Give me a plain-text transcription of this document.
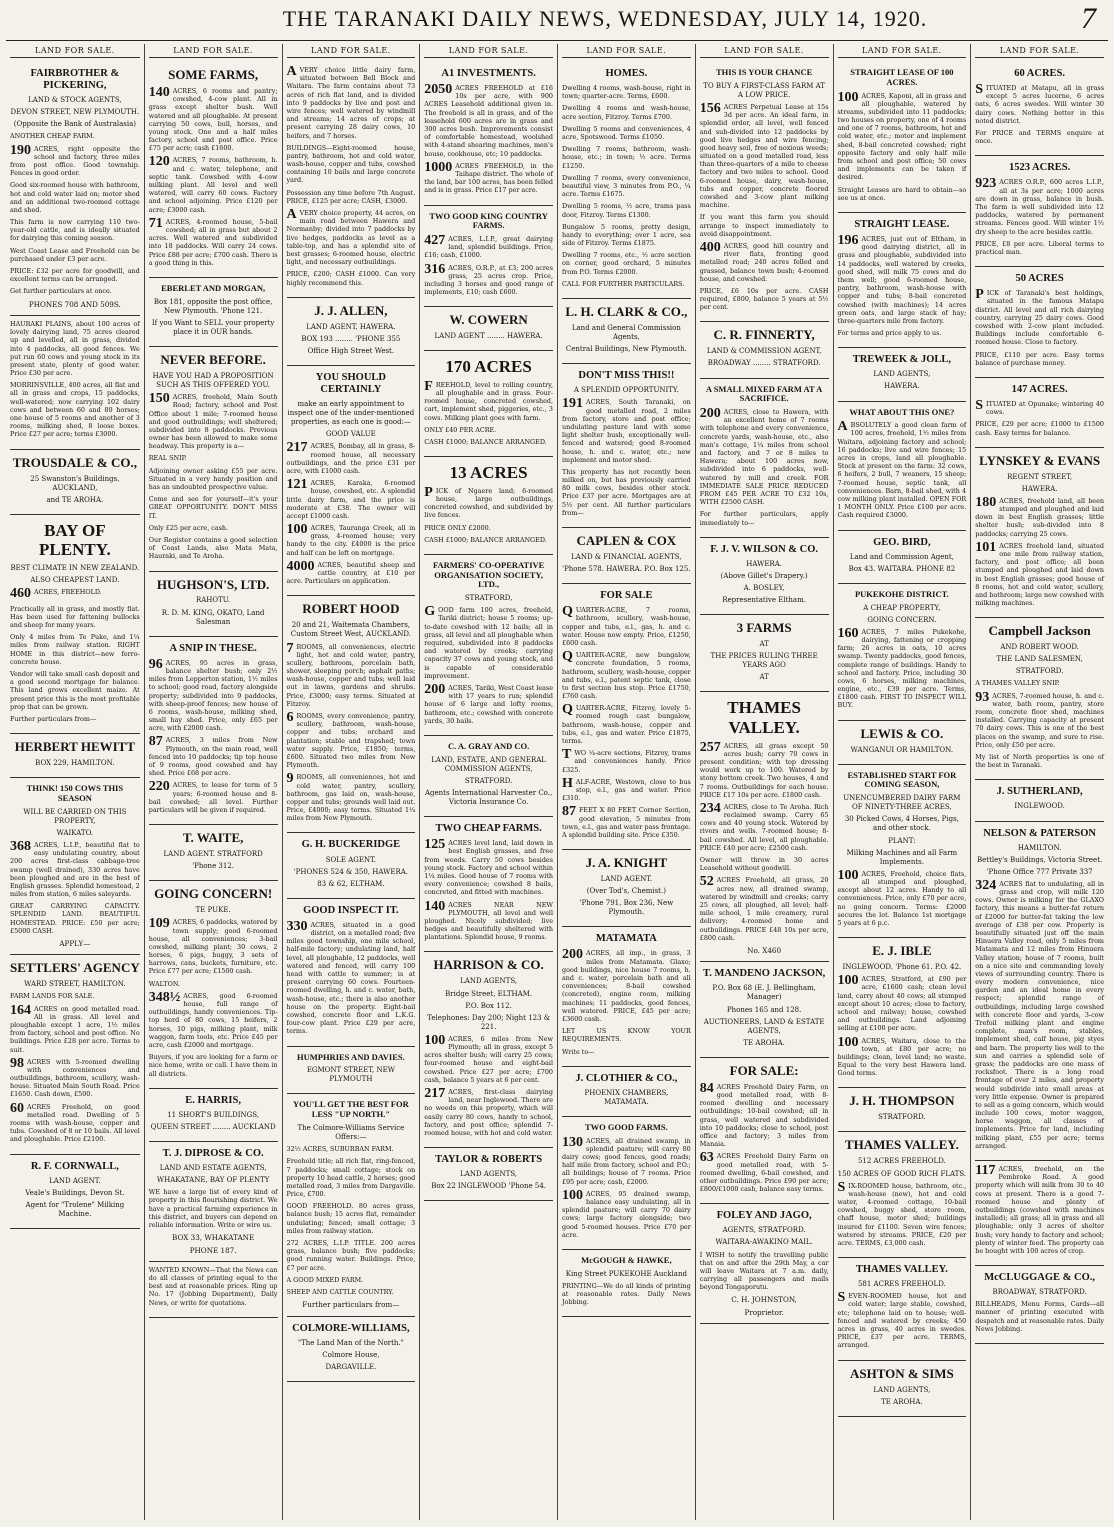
THE TARANAKI DAILY NEWS, WEDNESDAY, JULY 14, 1920.	7
LAND FOR SALE.
FAIRBROTHER & PICKERING,
LAND & STOCK AGENTS,
DEVON STREET, NEW PLYMOUTH.
(Opposite the Bank of Australasia)
ANOTHER CHEAP FARM.
190 ACRES, right opposite the school and factory, three miles from post office. Good township. Fences in good order.
Good six-roomed house with bathroom, hot and cold water laid on; motor shed and an additional two-roomed cottage and shed.
This farm is now carrying 110 two-year-old cattle, and is ideally situated for dairying this coming season.
West Coast Lease and Freehold can be purchased under £3 per acre.
PRICE: £32 per acre for goodwill, and excellent terms can be arranged.
Get further particulars at once.
PHONES 708 AND 509S.
HAURAKI PLAINS, about 100 acres of lovely dairying land, 75 acres cleared up and levelled, all in grass, divided into 4 paddocks, all good fences. We put run 60 cows and young stock in its present state, plenty of good water. Price £30 per acre.
MORRINSVILLE, 400 acres, all flat and all in grass and crops, 15 paddocks, well-watered; now carrying 102 dairy cows and between 60 and 80 horses; one house of 5 rooms and another of 3 rooms, milking shed, 8 loose boxes. Price £27 per acre; terms £3000.
TROUSDALE & CO.,
25 Swanston's Buildings, AUCKLAND,
and TE AROHA.
BAY OF PLENTY.
BEST CLIMATE IN NEW ZEALAND.
ALSO CHEAPEST LAND.
460 ACRES, FREEHOLD.
Practically all in grass, and mostly flat. Has been used for fattening bullocks and sheep for many years.
Only 4 miles from Te Puke, and 1¼ miles from railway station. RIGHT HOME in this district—new ferro-concrete house.
Vendor will take small cash deposit and a good second mortgage for balance. This land grows excellent maize. At present price this is the most profitable prop that can be grown.
Further particulars from—
HERBERT HEWITT
BOX 229, HAMILTON.
THINK! 150 COWS THIS SEASON
WILL BE CARRIED ON THIS PROPERTY,
WAIKATO.
368 ACRES, L.I.P., beautiful flat to easy undulating country, about 200 acres first-class cabbage-tree swamp (well drained), 330 acres have been ploughed and are in the best of English grasses. Splendid homestead, 2 miles from station, 6 miles saleyards.
GREAT CARRYING CAPACITY. SPLENDID LAND. BEAUTIFUL HOMESTEAD. PRICE: £50 per acre; £5000 CASH.
APPLY—
SETTLERS' AGENCY
WARD STREET, HAMILTON.
FARM LANDS FOR SALE.
164 ACRES on good metalled road. All in grass. All level and ploughable except 1 acre, 1½ miles from factory, school and post office. No buildings. Price £28 per acre. Terms to suit.
98 ACRES with 5-roomed dwelling with conveniences and outbuildings, bathroom, scullery, wash-house. Situated Main South Road. Price £1650. Cash down, £500.
60 ACRES Freehold, on good metalled road. Dwelling of 5 rooms with wash-house, copper and tubs. Cowshed of 8 or 10 bails. All level and ploughable. Price £2100.
R. F. CORNWALL,
LAND AGENT.
Veale's Buildings, Devon St.
Agent for "Trolene" Milking Machine.
LAND FOR SALE.
SOME FARMS,
140 ACRES, 6 rooms and pantry; cowshed, 4-cow plant. All in grass except shelter bush. Well watered and all ploughable. At present carrying 50 cows, bull, horses, and young stock. One and a half miles factory, school and post office. Price £75 per acre; cash £1600.
120 ACRES, 7 rooms, bathroom, h. and c. water, telephone, and septic tank. Cowshed with 4-cow milking plant. All level and well watered, will carry 60 cows. Factory and school adjoining. Price £120 per acre; £3000 cash.
71 ACRES, 4-roomed house, 5-bail cowshed; all in grass but about 2 acres. Well watered and subdivided into 18 paddocks. Will carry 24 cows. Price £88 per acre; £700 cash. There is a good thing in this.
EBERLET AND MORGAN,
Box 181, opposite the post office, New Plymouth. 'Phone 121.
If you Want to SELL your property place it in OUR hands.
NEVER BEFORE.
HAVE YOU HAD A PROPOSITION SUCH AS THIS OFFERED YOU.
150 ACRES, freehold, Main South Road; factory, school and Post Office about 1 mile; 7-roomed house and good outbuildings; well sheltered; subdivided into 8 paddocks. Previous owner has been allowed to make some headway. This property is a—
REAL SNIP.
Adjoining owner asking £55 per acre. Situated in a very handy position and has an undoubted prospective value.
Come and see for yourself—it's your GREAT OPPORTUNITY. DON'T MISS IT.
Only £25 per acre, cash.
Our Register contains a good selection of Coast Lands, also Mata Mata, Hauraki, and Te Aroha.
HUGHSON'S, LTD.
RAHOTU.
R. D. M. KING, OKATO, Land Salesman
A SNIP IN THESE.
96 ACRES, 95 acres in grass, balance shelter bush; only 2½ miles from Lepperton station, 1½ miles to school; good road, factory alongside property; subdivided into 9 paddocks, with sheep-proof fences; new house of 6 rooms, wash-house, milking shed, small hay shed. Price, only £65 per acre, with £2000 cash.
87 ACRES, 3 miles from New Plymouth, on the main road, well fenced into 10 paddocks; tip top house of 9 rooms, good cowshed and hay shed. Price £68 per acre.
220 ACRES, to lease for term of 5 years; 6-roomed house and 8-bail cowshed; all level. Further particulars will be given if required.
T. WAITE,
LAND AGENT. STRATFORD
'Phone 312.
GOING CONCERN!
TE PUKE.
109 ACRES, 6 paddocks, watered by town supply; good 6-roomed house, all conveniences; 3-bail cowshed, milking plant; 30 cows, 2 horses, 6 pigs, buggy, 3 sets of harrows, cans, buckets, furniture, etc. Price £77 per acre; £1500 cash.
WALTON.
348½ ACRES, good 6-roomed house, full range of outbuildings, handy conveniences. Tip-top herd of 80 cows, 15 heifers, 2 horses, 10 pigs, milking plant, milk waggon, farm tools, etc. Price £45 per acre, cash £2000 and mortgage.
Buyers, if you are looking for a farm or nice home, write or call. I have them in all districts.
E. HARRIS,
11 SHORT'S BUILDINGS,
QUEEN STREET ........ AUCKLAND
T. J. DIPROSE & CO.
LAND AND ESTATE AGENTS,
WHAKATANE, BAY OF PLENTY
WE have a large list of every kind of property in this flourishing district. We have a practical farming experience in this district, and buyers can depend on reliable information. Write or wire us.
BOX 33, WHAKATANE
PHONE 187.
WANTED KNOWN—That the News can do all classes of printing equal to the best and at reasonable prices. Ring up No. 17 (Jobbing Department), Daily News, or write for quotations.
LAND FOR SALE.
AVERY choice little dairy farm, situated between Bell Block and Waitara. The farm contains about 73 acres of rich flat land, and is divided into 9 paddocks by live and post and wire fences; well watered by windmill and streams; 14 acres of crops; at present carrying 28 dairy cows, 10 heifers, and 7 horses.
BUILDINGS—Eight-roomed house, pantry, bathroom, hot and cold water, wash-house, copper and tubs, cowshed containing 10 bails and large concrete yard.
Possession any time before 7th August. PRICE, £125 per acre; CASH, £3000.
AVERY choice property, 44 acres, on main road between Hawera and Normanby; divided into 7 paddocks by live hedges, paddocks as level as a table-top, and has a splendid site of best grasses; 6-roomed house, electric light, and necessary outbuildings.
PRICE, £200; CASH £1000. Can very highly recommend this.
J. J. ALLEN,
LAND AGENT, HAWERA.
BOX 193 ........ 'PHONE 355
Office High Street West.
YOU SHOULD CERTAINLY
make an early appointment to inspect one of the under-mentioned properties, as each one is good:—
GOOD VALUE
217 ACRES, Bombay, all in grass, 8-roomed house, all necessary outbuildings, and the price £31 per acre, with £1000 cash.
121 ACRES, Karaka, 6-roomed house, cowshed, etc. A splendid little dairy farm, and the price is moderate at £38. The owner will accept £1000 cash.
100 ACRES, Tauranga Creek, all in grass, 4-roomed house; very handy to the city. £4000 is the price and half can be left on mortgage.
4000 ACRES, beautiful sheep and cattle country, at £10 per acre. Particulars on application.
ROBERT HOOD
20 and 21, Waitemata Chambers, Custom Street West, AUCKLAND.
7 ROOMS, all conveniences, electric light, hot and cold water, pantry, scullery, bathroom, porcelain bath, shower, sleeping porch; asphalt paths; wash-house, copper and tubs; well laid out in lawns, gardens and shrubs. Price, £3000; easy terms. Situated at Fitzroy.
6 ROOMS, every convenience, pantry, scullery, bathroom, wash-house, copper and tubs; orchard and plantation; stable and trapshed; town water supply. Price, £1850; terms, £600. Situated two miles from New Plymouth.
9 ROOMS, all conveniences, hot and cold water, pantry, scullery, bathroom, gas laid on, wash-house, copper and tubs; grounds well laid out. Price, £4000; easy terms. Situated 1¼ miles from New Plymouth.
G. H. BUCKERIDGE
SOLE AGENT.
'PHONES 524 & 350, HAWERA.
83 & 62, ELTHAM.
GOOD INSPECT IT.
330 ACRES, situated in a good district, on a metalled road; five miles good township, one mile school, half-mile factory; undulating land, half level, all ploughable, 12 paddocks, well watered and fenced, will carry 100 head with cattle to summer; is at present carrying 60 cows. Fourteen-roomed dwelling, h. and c. water, bath, wash-house, etc.; there is also another house on the property. Eight-bail cowshed, concrete floor and L.K.G. four-cow plant. Price £29 per acre, terms.
HUMPHRIES AND DAVIES.
EGMONT STREET, NEW PLYMOUTH
YOU'LL GET THE BEST FOR LESS "UP NORTH."
The Colmore-Williams Service Offers:—
32½ ACRES, SUBURBAN FARM.
Freehold title; all rich flat, ring-fenced, 7 paddocks; small cottage; stock on property 10 head cattle, 2 horses; good metalled road, 3 miles from Dargaville. Price, £700.
GOOD FREEHOLD. 80 acres grass, balance bush; 15 acres flat, remainder undulating; fenced; small cottage; 3 miles from railway station.
272 ACRES, L.I.P. TITLE. 200 acres grass, balance bush; five paddocks; good running water. Buildings. Price, £7 per acre.
A GOOD MIXED FARM.
SHEEP AND CATTLE COUNTRY.
Further particulars from—
COLMORE-WILLIAMS,
"The Land Man of the North."
Colmore House,
DARGAVILLE.
LAND FOR SALE.
A1 INVESTMENTS.
2050 ACRES FREEHOLD at £16 10s per acre, with 900 ACRES Leasehold additional given in. The freehold is all in grass, and of the leasehold 600 acres are in grass and 300 acres bush. Improvements consist of comfortable homestead, woolshed with 4-stand shearing machines, men's house, cookhouse, etc; 10 paddocks.
1000 ACRES FREEHOLD, in the Taihape district. The whole of the land, bar 100 acres, has been felled and is in grass. Price £17 per acre.
TWO GOOD KING COUNTRY FARMS.
427 ACRES, L.I.P., great dairying land, splendid buildings. Price, £16; cash, £1000.
316 ACRES, O.R.P., at £3; 200 acres grass, 25 acres crop. Price, including 3 horses and good range of implements, £10; cash £600.
W. COWERN
LAND AGENT ........ HAWERA.
170 ACRES
FREEHOLD, level to rolling country, all ploughable and in grass. Four-roomed house, concreted cowshed, cart, implement shed, piggeries, etc., 3 cows. Milking plant goes with farm.
ONLY £40 PER ACRE.
CASH £1000; BALANCE ARRANGED.
13 ACRES
PICK of Ngaere land; 6-roomed house, large outbuildings, concreted cowshed, and subdivided by live fences.
PRICE ONLY £2000.
CASH £1000; BALANCE ARRANGED.
FARMERS' CO-OPERATIVE ORGANISATION SOCIETY, LTD.,
STRATFORD,
GOOD farm 100 acres, freehold, Tariki district; house 5 rooms; up-to-date cowshed with 12 bails; all in grass, all level and all ploughable when required, subdivided into 8 paddocks and watered by creeks; carrying capacity 37 cows and young stock, and is capable of considerable improvement.
200 ACRES, Tariki, West Coast lease with 17 years to run; splendid house of 6 large and lofty rooms, bathroom, etc.; cowshed with concrete yards, 30 bails.
C. A. GRAY AND CO.
LAND, ESTATE, AND GENERAL COMMISSION AGENTS,
STRATFORD.
Agents International Harvester Co., Victoria Insurance Co.
TWO CHEAP FARMS.
125 ACRES level land, laid down in best English grasses, and free from weeds. Carry 50 cows besides young stock. Factory and school within 1¼ miles. Good house of 7 rooms with every convenience; cowshed 8 bails, concreted, and fitted with machines.
140 ACRES NEAR NEW PLYMOUTH, all level and well ploughed. Nicely subdivided; live hedges and beautifully sheltered with plantations. Splendid house, 9 rooms.
HARRISON & CO.
LAND AGENTS,
Bridge Street, ELTHAM.
P.O. Box 112.
Telephones: Day 200; Night 123 & 221.
100 ACRES, 6 miles from New Plymouth; all in grass, except 5 acres shelter bush; will carry 25 cows; four-roomed house and eight-bail cowshed. Price £27 per acre; £700 cash, balance 5 years at 6 per cent.
217 ACRES, first-class dairying land, near Inglewood. There are no weeds on this property, which will easily carry 80 cows, handy to school, factory, and post office; splendid 7-roomed house, with hot and cold water.
TAYLOR & ROBERTS
LAND AGENTS,
Box 22 INGLEWOOD 'Phone 54.
LAND FOR SALE.
HOMES.
Dwelling 4 rooms, wash-house, right in town; quarter-acre. Terms, £600.
Dwelling 4 rooms and wash-house, acre section, Fitzroy. Terms £700.
Dwelling 5 rooms and conveniences, 4 acre, Spotswood. Terms £1050.
Dwelling 7 rooms, bathroom, wash-house, etc.; in town; ½ acre. Terms £1250.
Dwelling 7 rooms, every convenience, beautiful view, 3 minutes from P.O., ¼ acre. Terms £1675.
Dwelling 5 rooms, ½ acre, trams pass door, Fitzroy. Terms £1300.
Bungalow 5 rooms, pretty design, handy to everything; over 1 acre, sea side of Fitzroy. Terms £1875.
Dwelling 7 rooms, etc., ½ acre section on corner, good orchard, 5 minutes from P.O. Terms £2000.
CALL FOR FURTHER PARTICULARS.
L. H. CLARK & CO.,
Land and General Commission Agents,
Central Buildings, New Plymouth.
DON'T MISS THIS!!
A SPLENDID OPPORTUNITY.
191 ACRES, South Taranaki, on good metalled road, 2 miles from factory, store and post office; undulating pasture land with some light shelter bush, exceptionally well-fenced and watered; good 8-roomed house, h. and c. water, etc.; new implement and motor shed.
This property has not recently been milked on, but has previously carried 80 milk cows, besides other stock. Price £37 per acre. Mortgages are at 5½ per cent. All further particulars from—
CAPLEN & COX
LAND & FINANCIAL AGENTS,
'Phone 578. HAWERA. P.O. Box 125.
FOR SALE
QUARTER-ACRE, 7 rooms, bathroom, scullery, wash-house, copper and tubs, e.l., gas, h. and c. water. House now empty. Price, £1250, £600 cash.
QUARTER-ACRE, new bungalow, concrete foundation, 5 rooms, bathroom, scullery, wash-house, copper and tubs, e.l., patent septic tank, close to first section bus stop. Price £1750, £760 cash.
QUARTER-ACRE, Fitzroy, lovely 5-roomed rough cast bungalow, bathroom, wash-house, copper and tubs, e.l., gas and water. Price £1875, terms.
TWO ¼-acre sections, Fitzroy, trams and conveniences handy. Price £325.
HALF-ACRE, Westown, close to bus stop, e.l., gas and water. Price £310.
87 FEET X 80 FEET Corner Section, good elevation, 5 minutes from town, e.l., gas and water pass frontage. A splendid building site. Price £350.
J. A. KNIGHT
LAND AGENT.
(Over Tod's, Chemist.)
'Phone 791, Box 236, New Plymouth.
MATAMATA
200 ACRES, all imp., in grass, 3 miles from Matamata. Glaxo; good buildings, nice house 7 rooms, h. and c. water, porcelain bath and all conveniences; 8-bail cowshed (concreted), engine room, milking machines; 11 paddocks, good fences, well watered. PRICE, £45 per acre; £3600 cash.
LET US KNOW YOUR REQUIREMENTS.
Write to—
J. CLOTHIER & CO.,
PHOENIX CHAMBERS, MATAMATA.
TWO GOOD FARMS.
130 ACRES, all drained swamp, in splendid pasture; will carry 80 dairy cows; good fences, good roads; half mile from factory, school and P.O.; all buildings; house of 7 rooms. Price £95 per acre; cash, £2000.
100 ACRES, 95 drained swamp, balance easy undulating, all in splendid pasture; will carry 70 dairy cows; large factory alongside; two good 5-roomed houses. Price £70 per acre.
McGOUGH & HAWKE,
King Street PUKEKOHE Auckland
PRINTING—We do all kinds of printing at reasonable rates. Daily News Jobbing.
LAND FOR SALE.
THIS IS YOUR CHANCE
TO BUY A FIRST-CLASS FARM AT A LOW PRICE.
156 ACRES Perpetual Lease at 15s 3d per acre. An ideal farm, in splendid order, all level, well fenced and sub-divided into 12 paddocks by good live hedges and wire fencing; good heavy soil, free of noxious weeds; situated on a good metalled road, less than three-quarters of a mile to cheese factory and two miles to school. Good 6-roomed house, dairy, wash-house, tubs and copper, concrete floored cowshed and 3-cow plant milking machine.
If you want this farm you should arrange to inspect immediately to avoid disappointment.
400 ACRES, good hill country and river flats, fronting good metalled road; 240 acres felled and grassed, balance town bush; 4-roomed house, and cowshed.
PRICE, £6 10s per acre. CASH required, £800, balance 5 years at 5½ per cent.
C. R. FINNERTY,
LAND & COMMISSION AGENT,
BROADWAY ........ STRATFORD.
A SMALL MIXED FARM AT A SACRIFICE.
200 ACRES, close to Hawera, with an excellent home of 7 rooms with telephone and every convenience, concrete yards, wash-house, etc., also man's cottage, 1¼ miles from school and factory, and 7 or 8 miles to Hawera; about 100 acres now, subdivided into 6 paddocks, well-watered by mill and creek. FOR IMMEDIATE SALE PRICE REDUCED FROM £45 PER ACRE TO £32 10s, WITH £2500 CASH.
For further particulars, apply immediately to—
F. J. V. WILSON & CO.
HAWERA.
(Above Gillet's Drapery.)
A. BOSLEY,
Representative Eltham.
3 FARMS
AT
THE PRICES RULING THREE YEARS AGO
AT
THAMES VALLEY.
257 ACRES, all grass except 50 acres bush; carry 70 cows in present condition; with top dressing would work up to 100. Watered by stony bottom creek. Two houses, 4 and 7 rooms. Outbuildings for each house. PRICE £17 10s per acre. £1800 cash.
234 ACRES, close to Te Aroha. Rich reclaimed swamp. Carry 65 cows and 40 young stock. Watered by rivers and wells. 7-roomed house; 8-bail cowshed. All level, all ploughable. PRICE £40 per acre; £2500 cash.
Owner will throw in 30 acres Leasehold without goodwill.
52 ACRES Freehold, all grass, 20 acres new, all drained swamp, watered by windmill and creeks; carry 25 cows, all ploughed, all level; half-mile school, 1 mile creamery, rural delivery; 4-roomed home and outbuildings. PRICE £48 10s per acre, £800 cash.
No. X460
T. MANDENO JACKSON,
P.O. Box 68 (E. J. Bellingham, Manager)
Phones 165 and 128.
AUCTIONEERS, LAND & ESTATE AGENTS,
TE AROHA.
FOR SALE:
84 ACRES Freehold Dairy Farm, on good metalled road, with 8-roomed dwelling and necessary outbuildings; 10-bail cowshed; all in grass, well watered and subdivided into 10 paddocks; close to school, post office and factory; 3 miles from Manaia.
63 ACRES Freehold Dairy Farm on good metalled road, with 5-roomed dwelling, 6-bail cowshed, and other outbuildings. Price £90 per acre; £800/£1000 cash, balance easy terms.
FOLEY AND JAGO,
AGENTS, STRATFORD.
WAITARA-AWAKINO MAIL.
I WISH to notify the travelling public that on and after the 29th May, a car will leave Waitara at 7 a.m. daily, carrying all passengers and mails beyond Tongaporutu.
C. H. JOHNSTON,
Proprietor.
LAND FOR SALE.
STRAIGHT LEASE OF 100 ACRES.
100 ACRES, Kaponi, all in grass and all ploughable, watered by streams, subdivided into 11 paddocks; two houses on property, one of 4 rooms and one of 7 rooms, bathroom, hot and cold water, etc.; motor and implement shed, 8-bail concreted cowshed; right opposite factory and only half mile from school and post office; 50 cows and implements can be taken if desired.
Straight Leases are hard to obtain—so see us at once.
STRAIGHT LEASE.
196 ACRES, just out of Eltham, in good dairying district, all in grass and ploughable, subdivided into 14 paddocks, well watered by creeks, good shed, will milk 75 cows and do them well; good 6-roomed house, pantry, bathroom, wash-house with copper and tubs; 8-bail concreted cowshed (with machines); 14 acres green oats, and large stack of hay; three-quarters mile from factory.
For terms and price apply to us.
TREWEEK & JOLL,
LAND AGENTS,
HAWERA.
WHAT ABOUT THIS ONE?
ABSOLUTELY a good clean farm of 100 acres, freehold, 1½ miles from Waitara, adjoining factory and school; 16 paddocks; live and wire fences; 15 acres in crops, land all ploughable. Stock at present on the farm: 32 cows, 6 heifers, 2 bull, 7 weaners, 15 sheep; 7-roomed house, septic tank, all conveniences. Barn, 8-bail shed, with 4 cow milking plant installed. OPEN FOR 1 MONTH ONLY. Price £100 per acre. Cash required £3000.
GEO. BIRD,
Land and Commission Agent,
Box 43. WAITARA. PHONE 82
PUKEKOHE DISTRICT.
A CHEAP PROPERTY,
GOING CONCERN.
160 ACRES, 7 miles Pukekohe, dairying, fattening or cropping farm; 26 acres in oats, 10 acres swamp. Twenty paddocks, good fences, complete range of buildings. Handy to school and factory. Price, including 30 cows, 6 horses, milking machines, engine, etc., £39 per acre. Terms, £1800 cash. FIRST TO INSPECT WILL BUY.
LEWIS & CO.
WANGANUI OR HAMILTON.
ESTABLISHED START FOR COMING SEASON,
UNENCUMBERED DAIRY FARM OF NINETY-THREE ACRES,
30 Picked Cows, 4 Horses, Pigs, and other stock.
PLANT:
Milking Machines and all Farm Implements.
100 ACRES, Freehold, choice flats, all stumped and ploughed, except about 12 acres. Handy to all conveniences. Price, only £70 per acre, no going concern. Terms: £2000 secures the lot. Balance 1st mortgage 5 years at 6 p.c.
E. J. IBLE
INGLEWOOD. 'Phone 61. P.O. 42.
100 ACRES, Stratford, at £90 per acre, £1600 cash; clean level land, carry about 40 cows; all stumped except about 10 acres; close to factory, school and railway; house, cowshed and outbuildings. Land adjoining selling at £100 per acre.
100 ACRES, Waitara, close to the town, at £80 per acre; no buildings; clean, level land; no waste. Equal to the very best Hawera land. Good terms.
J. H. THOMPSON
STRATFORD.
THAMES VALLEY.
512 ACRES FREEHOLD.
150 ACRES OF GOOD RICH FLATS.
SIX-ROOMED house, bathroom, etc., wash-house (new), hot and cold water, 4-roomed cottage, 10-bail cowshed, buggy shed, store room, chaff house, motor shed; buildings insured for £1100. Seven wire fences; watered by streams. PRICE, £20 per acre. TERMS, £3,000 cash.
THAMES VALLEY.
581 ACRES FREEHOLD.
SEVEN-ROOMED house, hot and cold water; large stable, cowshed, etc; telephone laid on to house; well-fenced and watered by creeks; 450 acres in grass, 40 acres in swedes. PRICE, £37 per acre. TERMS, arranged.
ASHTON & SIMS
LAND AGENTS,
TE AROHA.
LAND FOR SALE.
60 ACRES.
SITUATED at Matapu, all in grass except 5 acres lucerne, 6 acres oats, 6 acres swedes. Will winter 30 dairy cows. Nothing better in this noted district.
For PRICE and TERMS enquire at once.
1523 ACRES.
923 ACRES O.R.P., 600 acres L.I.P., all at 3s per acre; 1000 acres are down in grass, balance in bush. The farm is well subdivided into 12 paddocks, watered by permanent streams. Fences good. Will winter 1½ dry sheep to the acre besides cattle.
PRICE, £8 per acre. Liberal terms to practical man.
50 ACRES
PICK of Taranaki's best holdings, situated in the famous Matapu district. All level and all rich dairying country, carrying 25 dairy cows. Good cowshed with 2-cow plant included. Buildings include comfortable 6-roomed house. Close to factory.
PRICE, £110 per acre. Easy terms balance of purchase money.
147 ACRES.
SITUATED at Opunake; wintering 40 cows.
PRICE, £29 per acre; £1000 to £1500 cash. Easy terms for balance.
LYNSKEY & EVANS
REGENT STREET,
HAWERA.
180 ACRES, freehold land, all been stumped and ploughed and laid down in best English grasses; little shelter bush; sub-divided into 8 paddocks; carrying 25 cows.
101 ACRES freehold land, situated one mile from railway station, factory, and post office; all been stumped and ploughed and laid down in best English grasses; good house of 8 rooms, hot and cold water, scullery, and bathroom; large new cowshed with milking machines.
Campbell Jackson
AND ROBERT WOOD.
THE LAND SALESMEN,
STRATFORD.
A THAMES VALLEY SNIP.
93 ACRES, 7-roomed house, h. and c. water, bath room, pantry, store room, concrete floor shed, machines installed. Carrying capacity at present 70 dairy cows. This is one of the best places on the swamp, and sure to rise. Price, only £50 per acre.
My list of North properties is one of the best in Taranaki.
J. SUTHERLAND,
INGLEWOOD.
NELSON & PATERSON
HAMILTON.
Bettley's Buildings, Victoria Street.
'Phone Office 777 Private 337
324 ACRES flat to undulating, all in grass and crop, will milk 120 cows. Owner is milking for the GLAXO factory, this means a butter-fat return of £2000 for butter-fat taking the low average of £38 per cow. Property is beautifully situated just off the main Hinuera Valley road, only 5 miles from Matamata and 12 miles from Hinuera Valley station; house of 7 rooms, built on a nice site and commanding lovely views of surrounding country. There is every modern convenience, nice garden and an ideal home in every respect; splendid range of outbuildings, including large cowshed with concrete floor and yards, 3-cow Trefoil milking plant and engine complete, man's room, stables, implement shed, calf house, pig styes and barn. The property lies well to the sun and carries a splendid sole of grass; the paddocks are one mass of rocksfoot. There is a long road frontage of over 2 miles, and property would subdivide into small areas at very little expense. Owner is prepared to sell as a going concern, which would include 100 cows, motor waggon, horse waggon, all classes of implements. Price for land, including milking plant, £55 per acre; terms arranged.
117 ACRES, freehold, on the Pembroke Road. A good property which will milk from 30 to 40 cows at present. There is a good 7-roomed house and plenty of outbuildings (cowshed with machines installed); all grass; all in grass and all ploughable; only 3 acres of shelter bush; very handy to factory and school; plenty of winter feed. The property can be bought with 100 acres of crop.
McCLUGGAGE & CO.,
BROADWAY, STRATFORD.
BILLHEADS, Menu Forms, Cards—all manner of printing executed with despatch and at reasonable rates. Daily News Jobbing.
